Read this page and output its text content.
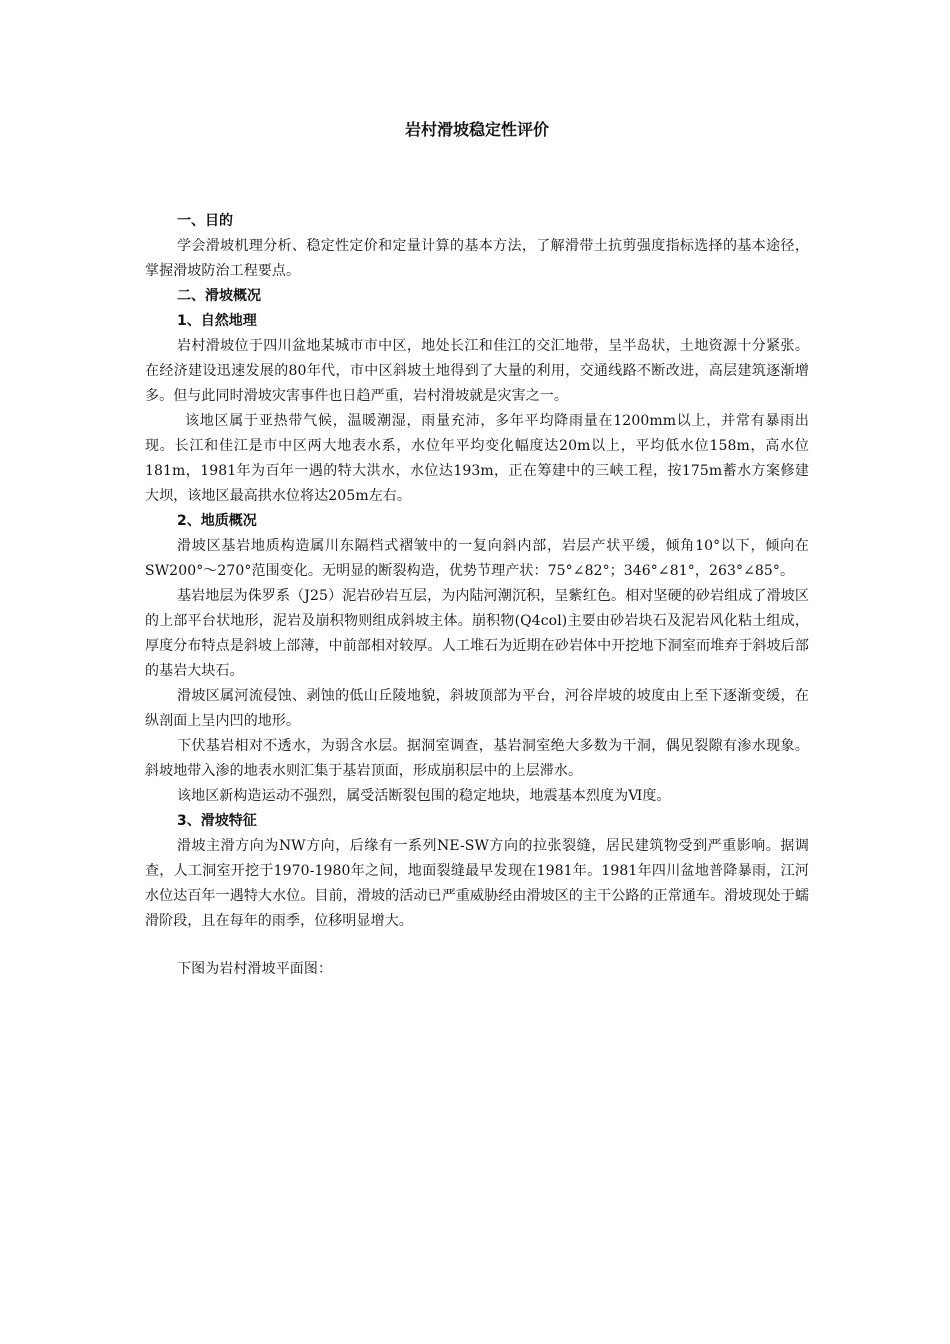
岩村滑坡稳定性评价
一、目的

学会滑坡机理分析、稳定性定价和定量计算的基本方法，了解滑带土抗剪强度指标选择的基本途径，掌握滑坡防治工程要点。

二、滑坡概况
1、自然地理

岩村滑坡位于四川盆地某城市市中区，地处长江和佳江的交汇地带，呈半岛状，土地资源十分紧张。在经济建设迅速发展的80年代，市中区斜坡土地得到了大量的利用，交通线路不断改进，高层建筑逐渐增多。但与此同时滑坡灾害事件也日趋严重，岩村滑坡就是灾害之一。

该地区属于亚热带气候，温暖潮湿，雨量充沛，多年平均降雨量在1200mm以上，并常有暴雨出现。长江和佳江是市中区两大地表水系，水位年平均变化幅度达20m以上，平均低水位158m，高水位181m，1981年为百年一遇的特大洪水，水位达193m，正在筹建中的三峡工程，按175m蓄水方案修建大坝，该地区最高拱水位将达205m左右。

2、地质概况

滑坡区基岩地质构造属川东隔档式褶皱中的一复向斜内部，岩层产状平缓，倾角10°以下，倾向在SW200°～270°范围变化。无明显的断裂构造，优势节理产状：75°∠82°；346°∠81°，263°∠85°。

基岩地层为侏罗系（J25）泥岩砂岩互层，为内陆河潮沉积，呈紫红色。相对坚硬的砂岩组成了滑坡区的上部平台状地形，泥岩及崩积物则组成斜坡主体。崩积物(Q4col)主要由砂岩块石及泥岩风化粘土组成，厚度分布特点是斜坡上部薄，中前部相对较厚。人工堆石为近期在砂岩体中开挖地下洞室而堆弃于斜坡后部的基岩大块石。

滑坡区属河流侵蚀、剥蚀的低山丘陵地貌，斜坡顶部为平台，河谷岸坡的坡度由上至下逐渐变缓，在纵剖面上呈内凹的地形。

下伏基岩相对不透水，为弱含水层。据洞室调查，基岩洞室绝大多数为干洞，偶见裂隙有渗水现象。斜坡地带入渗的地表水则汇集于基岩顶面，形成崩积层中的上层滞水。

该地区新构造运动不强烈，属受活断裂包围的稳定地块，地震基本烈度为Ⅵ度。

3、滑坡特征

滑坡主滑方向为NW方向，后缘有一系列NE-SW方向的拉张裂缝，居民建筑物受到严重影响。据调查，人工洞室开挖于1970-1980年之间，地面裂缝最早发现在1981年。1981年四川盆地普降暴雨，江河水位达百年一遇特大水位。目前，滑坡的活动已严重威胁经由滑坡区的主干公路的正常通车。滑坡现处于蠕滑阶段，且在每年的雨季，位移明显增大。

下图为岩村滑坡平面图：
